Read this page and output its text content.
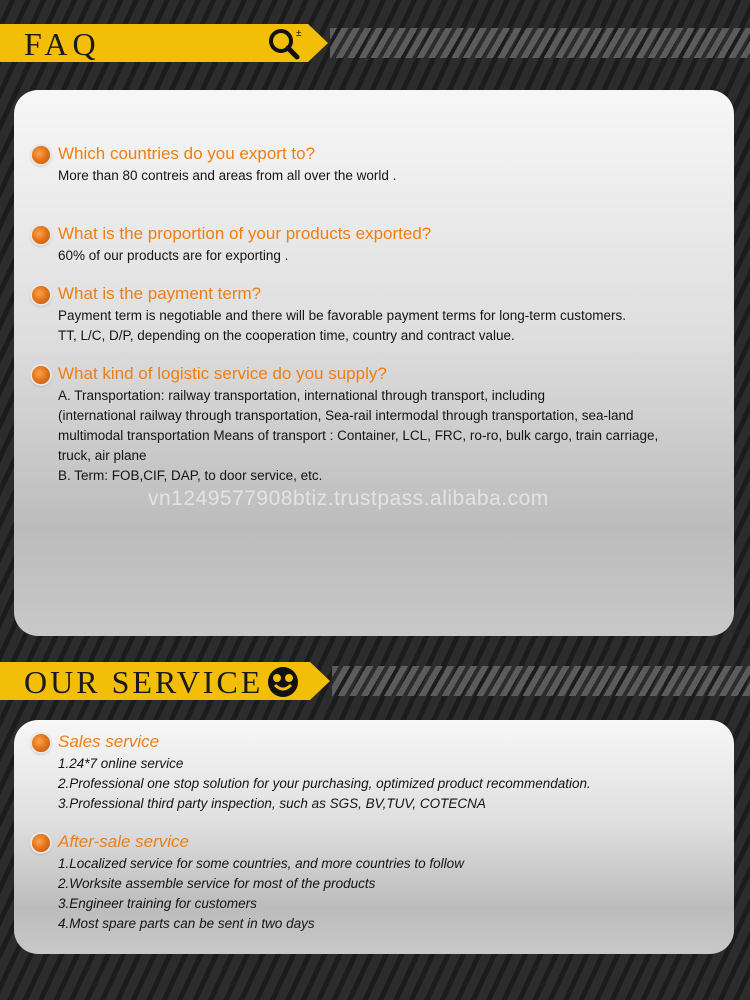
FAQ	±
Which countries do you export to?
More than 80 contreis and areas from all over the world .
What is the proportion of your products exported?
60% of our products are for exporting .
What is the payment term?
Payment term is negotiable and there will be favorable payment terms for long-term customers.
TT, L/C, D/P, depending on the cooperation time, country and contract value.
What kind of logistic service do you supply?
A. Transportation: railway transportation, international through transport, including
(international railway through transportation, Sea-rail intermodal through transportation, sea-land
multimodal transportation Means of transport : Container, LCL, FRC, ro-ro, bulk cargo, train carriage,
truck, air plane
B. Term: FOB,CIF, DAP, to door service, etc.
vn1249577908btiz.trustpass.alibaba.com
OUR SERVICE
Sales service
1.24*7 online service
2.Professional one stop solution for your purchasing, optimized product recommendation.
3.Professional third party inspection, such as SGS, BV,TUV, COTECNA
After-sale service
1.Localized service for some countries, and more countries to follow
2.Worksite assemble service for most of the products
3.Engineer training for customers
4.Most spare parts can be sent in two days
